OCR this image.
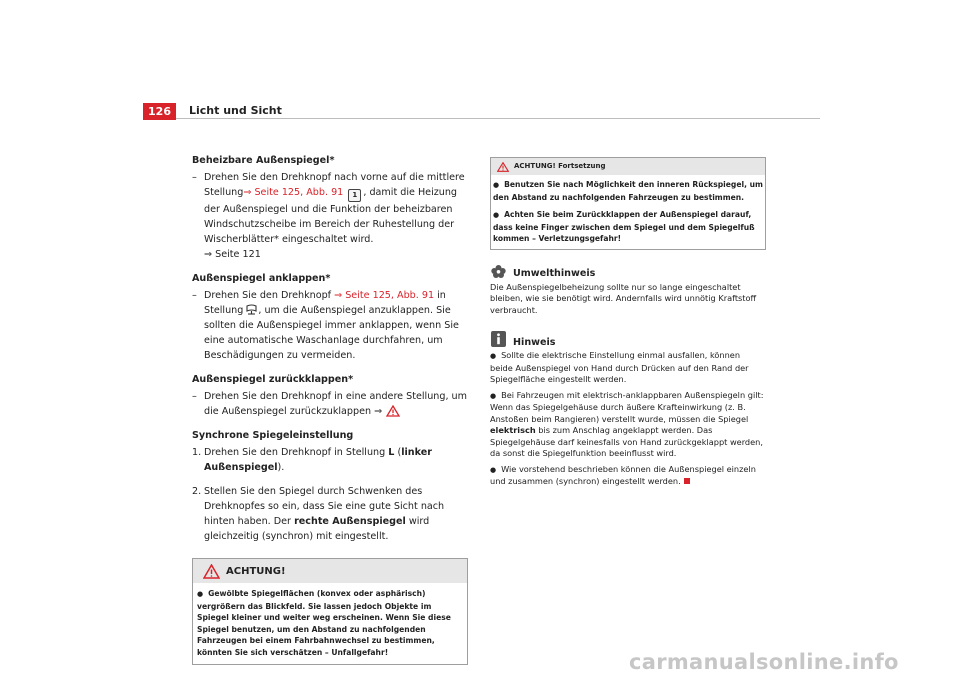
126	Licht und Sicht
Beheizbare Außenspiegel*

– Drehen Sie den Drehknopf nach vorne auf die mittlere Stellung⇒ Seite 125, Abb. 91 1 , damit die Heizung der Außenspiegel und die Funktion der beheizbaren Windschutzscheibe im Bereich der Ruhestellung der Wischerblätter* eingeschaltet wird.
⇒ Seite 121

Außenspiegel anklappen*

– Drehen Sie den Drehknopf ⇒ Seite 125, Abb. 91 in Stellung , um die Außenspiegel anzuklappen. Sie sollten die Außenspiegel immer anklappen, wenn Sie eine automatische Waschanlage durchfahren, um Beschädigungen zu vermeiden.

Außenspiegel zurückklappen*

– Drehen Sie den Drehknopf in eine andere Stellung, um die Außenspiegel zurückzuklappen ⇒

Synchrone Spiegeleinstellung

1. Drehen Sie den Drehknopf in Stellung L (linker Außenspiegel).

2. Stellen Sie den Spiegel durch Schwenken des Drehknopfes so ein, dass Sie eine gute Sicht nach hinten haben. Der rechte Außenspiegel wird gleichzeitig (synchron) mit eingestellt.

ACHTUNG!

● Gewölbte Spiegelflächen (konvex oder asphärisch) vergrößern das Blickfeld. Sie lassen jedoch Objekte im Spiegel kleiner und weiter weg erscheinen. Wenn Sie diese Spiegel benutzen, um den Abstand zu nachfolgenden Fahrzeugen bei einem Fahrbahnwechsel zu bestimmen, könnten Sie sich verschätzen – Unfallgefahr!

ACHTUNG! Fortsetzung

● Benutzen Sie nach Möglichkeit den inneren Rückspiegel, um den Abstand zu nachfolgenden Fahrzeugen zu bestimmen.

● Achten Sie beim Zurückklappen der Außenspiegel darauf, dass keine Finger zwischen dem Spiegel und dem Spiegelfuß kommen – Verletzungsgefahr!

Umwelthinweis
Die Außenspiegelbeheizung sollte nur so lange eingeschaltet bleiben, wie sie benötigt wird. Andernfalls wird unnötig Kraftstoff verbraucht.
Hinweis

● Sollte die elektrische Einstellung einmal ausfallen, können beide Außenspiegel von Hand durch Drücken auf den Rand der Spiegelfläche eingestellt werden.

● Bei Fahrzeugen mit elektrisch-anklappbaren Außenspiegeln gilt: Wenn das Spiegelgehäuse durch äußere Krafteinwirkung (z. B. Anstoßen beim Rangieren) verstellt wurde, müssen die Spiegel elektrisch bis zum Anschlag angeklappt werden. Das Spiegelgehäuse darf keinesfalls von Hand zurückgeklappt werden, da sonst die Spiegelfunktion beeinflusst wird.

● Wie vorstehend beschrieben können die Außenspiegel einzeln und zusammen (synchron) eingestellt werden.

carmanualsonline.info
